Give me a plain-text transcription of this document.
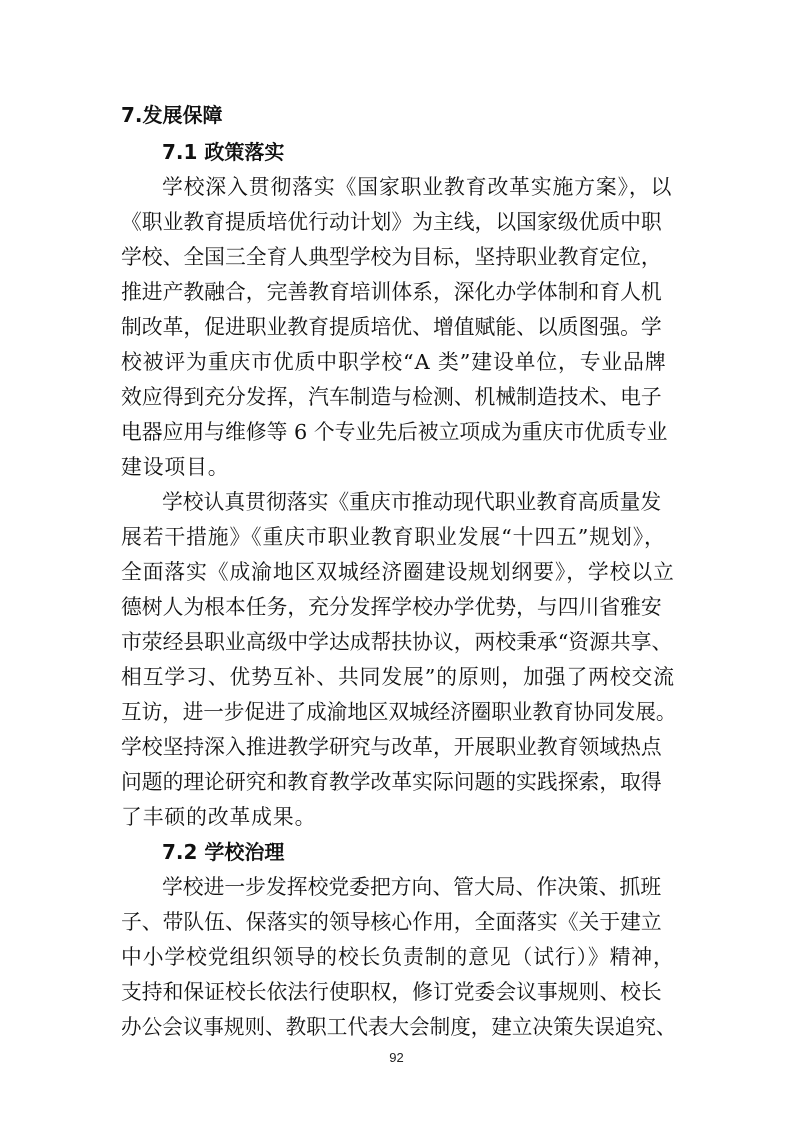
7.发展保障
7.1 政策落实
学校深入贯彻落实《国家职业教育改革实施方案》，以
《职业教育提质培优行动计划》为主线，以国家级优质中职
学校、全国三全育人典型学校为目标，坚持职业教育定位，
推进产教融合，完善教育培训体系，深化办学体制和育人机
制改革，促进职业教育提质培优、增值赋能、以质图强。学
校被评为重庆市优质中职学校“A 类”建设单位，专业品牌
效应得到充分发挥，汽车制造与检测、机械制造技术、电子
电器应用与维修等 6 个专业先后被立项成为重庆市优质专业
建设项目。
学校认真贯彻落实《重庆市推动现代职业教育高质量发
展若干措施》《重庆市职业教育职业发展“十四五”规划》，
全面落实《成渝地区双城经济圈建设规划纲要》，学校以立
德树人为根本任务，充分发挥学校办学优势，与四川省雅安
市荥经县职业高级中学达成帮扶协议，两校秉承“资源共享、
相互学习、优势互补、共同发展”的原则，加强了两校交流
互访，进一步促进了成渝地区双城经济圈职业教育协同发展。
学校坚持深入推进教学研究与改革，开展职业教育领域热点
问题的理论研究和教育教学改革实际问题的实践探索，取得
了丰硕的改革成果。
7.2 学校治理
学校进一步发挥校党委把方向、管大局、作决策、抓班
子、带队伍、保落实的领导核心作用，全面落实《关于建立
中小学校党组织领导的校长负责制的意见（试行）》精神，
支持和保证校长依法行使职权，修订党委会议事规则、校长
办公会议事规则、教职工代表大会制度，建立决策失误追究、
92
